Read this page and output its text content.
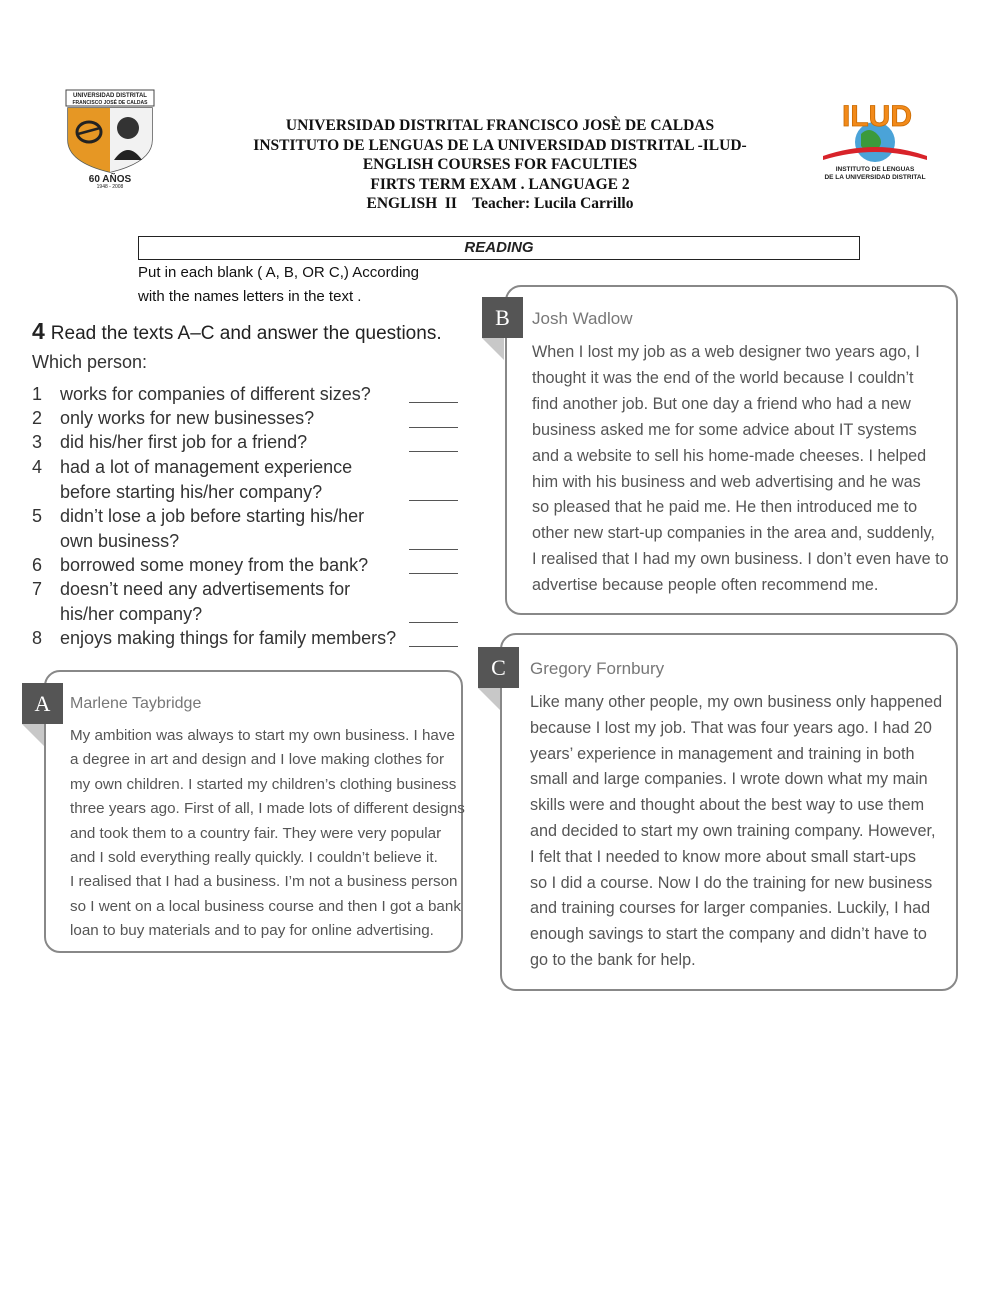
UNIVERSIDAD DISTRITAL
FRANCISCO JOSÉ DE CALDAS
60 AÑOS
1948 - 2008
ILUD
INSTITUTO DE LENGUAS
DE LA UNIVERSIDAD DISTRITAL
UNIVERSIDAD DISTRITAL FRANCISCO JOSÈ DE CALDAS
INSTITUTO DE LENGUAS DE LA UNIVERSIDAD DISTRITAL -ILUD-
ENGLISH COURSES FOR FACULTIES
FIRTS TERM EXAM . LANGUAGE 2
ENGLISH  II    Teacher: Lucila Carrillo
READING
Put in each blank ( A, B, OR C,) According
with the names letters in the text .
4 Read the texts A–C and answer the questions.
Which person:
1 works for companies of different sizes?
2 only works for new businesses?
3 did his/her first job for a friend?
4 had a lot of management experience before starting his/her company?
5 didn’t lose a job before starting his/her own business?
6 borrowed some money from the bank?
7 doesn’t need any advertisements for his/her company?
8 enjoys making things for family members?
B	Josh Wadlow
When I lost my job as a web designer two years ago, I
thought it was the end of the world because I couldn’t
find another job. But one day a friend who had a new
business asked me for some advice about IT systems
and a website to sell his home-made cheeses. I helped
him with his business and web advertising and he was
so pleased that he paid me. He then introduced me to
other new start-up companies in the area and, suddenly,
I realised that I had my own business. I don’t even have to
advertise because people often recommend me.
C	Gregory Fornbury
Like many other people, my own business only happened
because I lost my job. That was four years ago. I had 20
years’ experience in management and training in both
small and large companies. I wrote down what my main
skills were and thought about the best way to use them
and decided to start my own training company. However,
I felt that I needed to know more about small start-ups
so I did a course. Now I do the training for new business
and training courses for larger companies. Luckily, I had
enough savings to start the company and didn’t have to
go to the bank for help.
A	Marlene Taybridge
My ambition was always to start my own business. I have
a degree in art and design and I love making clothes for
my own children. I started my children’s clothing business
three years ago. First of all, I made lots of different designs
and took them to a country fair. They were very popular
and I sold everything really quickly. I couldn’t believe it.
I realised that I had a business. I’m not a business person
so I went on a local business course and then I got a bank
loan to buy materials and to pay for online advertising.
